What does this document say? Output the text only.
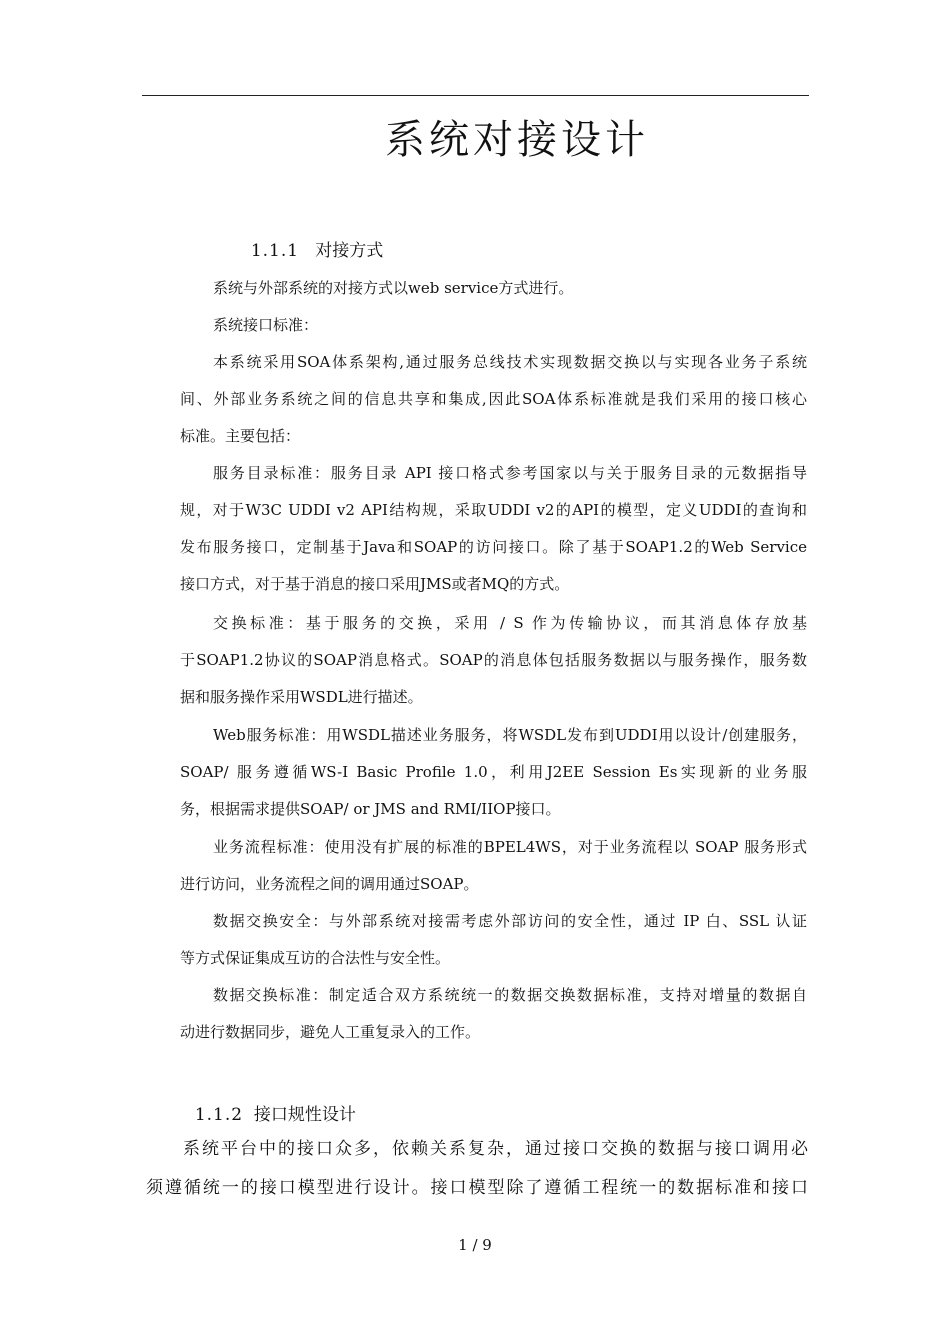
系统对接设计

1.1.1 对接方式

系统与外部系统的对接方式以web service方式进行。
系统接口标准：
本系统采用SOA体系架构,通过服务总线技术实现数据交换以与实现各业务子系统
间、外部业务系统之间的信息共享和集成,因此SOA体系标准就是我们采用的接口核心
标准。主要包括：
服务目录标准：服务目录 API 接口格式参考国家以与关于服务目录的元数据指导
规，对于W3C UDDI v2 API结构规，采取UDDI v2的API的模型，定义UDDI的查询和
发布服务接口，定制基于Java和SOAP的访问接口。除了基于SOAP1.2的Web Service
接口方式，对于基于消息的接口采用JMS或者MQ的方式。
交换标准：基于服务的交换，采用 / S 作为传输协议，而其消息体存放基
于SOAP1.2协议的SOAP消息格式。SOAP的消息体包括服务数据以与服务操作，服务数
据和服务操作采用WSDL进行描述。
Web服务标准：用WSDL描述业务服务，将WSDL发布到UDDI用以设计/创建服务，
SOAP/ 服务遵循WS-I Basic Profile 1.0，利用J2EE Session Es实现新的业务服
务，根据需求提供SOAP/ or JMS and RMI/IIOP接口。
业务流程标准：使用没有扩展的标准的BPEL4WS，对于业务流程以 SOAP 服务形式
进行访问，业务流程之间的调用通过SOAP。
数据交换安全：与外部系统对接需考虑外部访问的安全性，通过 IP 白、SSL 认证
等方式保证集成互访的合法性与安全性。
数据交换标准：制定适合双方系统统一的数据交换数据标准，支持对增量的数据自
动进行数据同步，避免人工重复录入的工作。

1.1.2 接口规性设计

系统平台中的接口众多，依赖关系复杂，通过接口交换的数据与接口调用必
须遵循统一的接口模型进行设计。接口模型除了遵循工程统一的数据标准和接口
1 / 9
